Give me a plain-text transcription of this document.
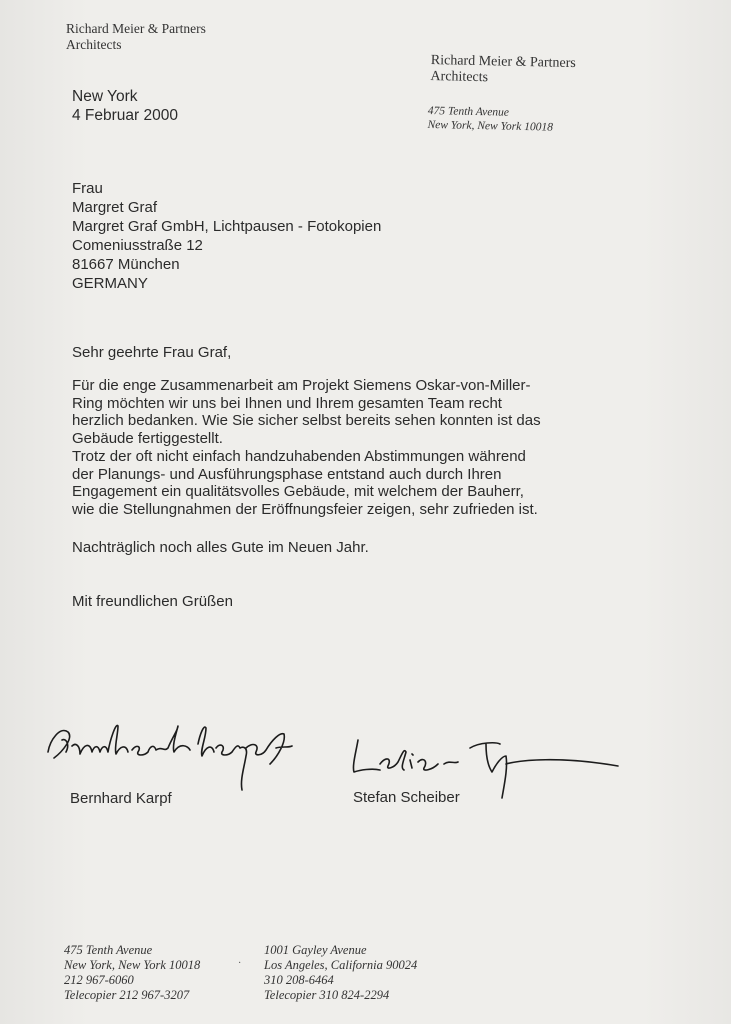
Richard Meier & Partners
Architects
Richard Meier & Partners
Architects
475 Tenth Avenue
New York, New York 10018
New York
4 Februar 2000
Frau
Margret Graf
Margret Graf GmbH, Lichtpausen - Fotokopien
Comeniusstraße 12
81667 München
GERMANY
Sehr geehrte Frau Graf,
Für die enge Zusammenarbeit am Projekt Siemens Oskar-von-Miller-
Ring möchten wir uns bei Ihnen und Ihrem gesamten Team recht
herzlich bedanken. Wie Sie sicher selbst bereits sehen konnten ist das
Gebäude fertiggestellt.
Trotz der oft nicht einfach handzuhabenden Abstimmungen während
der Planungs- und Ausführungsphase entstand auch durch Ihren
Engagement ein qualitätsvolles Gebäude, mit welchem der Bauherr,
wie die Stellungnahmen der Eröffnungsfeier zeigen, sehr zufrieden ist.
Nachträglich noch alles Gute im Neuen Jahr.
Mit freundlichen Grüßen
Bernhard Karpf	Stefan Scheiber
475 Tenth Avenue
New York, New York 10018
212 967-6060
Telecopier 212 967-3207
·
1001 Gayley Avenue
Los Angeles, California 90024
310 208-6464
Telecopier 310 824-2294
